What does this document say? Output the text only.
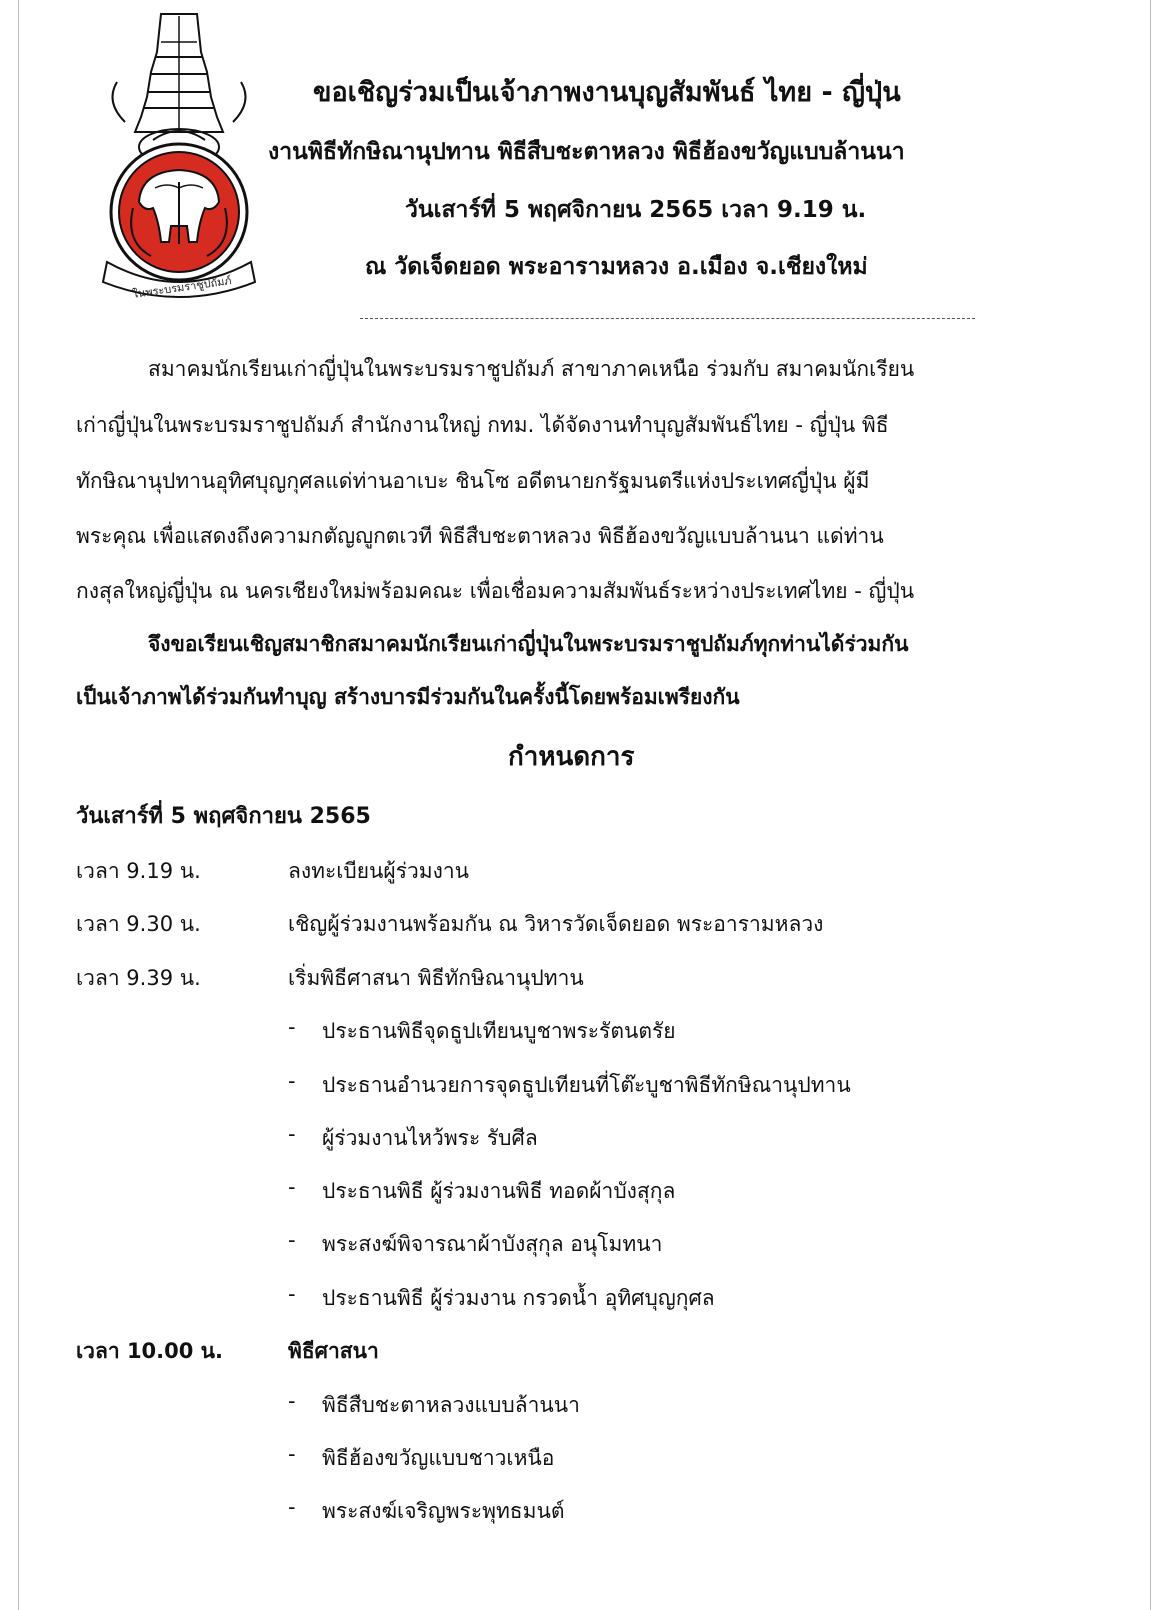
ในพระบรมราชูปถัมภ์
ขอเชิญร่วมเป็นเจ้าภาพงานบุญสัมพันธ์ ไทย - ญี่ปุ่น
งานพิธีทักษิณานุปทาน พิธีสืบชะตาหลวง พิธีฮ้องขวัญแบบล้านนา
วันเสาร์ที่ 5 พฤศจิกายน 2565 เวลา 9.19 น.
ณ วัดเจ็ดยอด พระอารามหลวง อ.เมือง จ.เชียงใหม่
สมาคมนักเรียนเก่าญี่ปุ่นในพระบรมราชูปถัมภ์ สาขาภาคเหนือ ร่วมกับ สมาคมนักเรียน
เก่าญี่ปุ่นในพระบรมราชูปถัมภ์ สำนักงานใหญ่ กทม. ได้จัดงานทำบุญสัมพันธ์ไทย - ญี่ปุ่น พิธี
ทักษิณานุปทานอุทิศบุญกุศลแด่ท่านอาเบะ ชินโซ อดีตนายกรัฐมนตรีแห่งประเทศญี่ปุ่น ผู้มี
พระคุณ เพื่อแสดงถึงความกตัญญูกตเวที พิธีสืบชะตาหลวง พิธีฮ้องขวัญแบบล้านนา แด่ท่าน
กงสุลใหญ่ญี่ปุ่น ณ นครเชียงใหม่พร้อมคณะ เพื่อเชื่อมความสัมพันธ์ระหว่างประเทศไทย - ญี่ปุ่น
จึงขอเรียนเชิญสมาชิกสมาคมนักเรียนเก่าญี่ปุ่นในพระบรมราชูปถัมภ์ทุกท่านได้ร่วมกัน
เป็นเจ้าภาพได้ร่วมกันทำบุญ สร้างบารมีร่วมกันในครั้งนี้โดยพร้อมเพรียงกัน
กำหนดการ
วันเสาร์ที่ 5 พฤศจิกายน 2565
เวลา 9.19 น.	ลงทะเบียนผู้ร่วมงาน
เวลา 9.30 น.	เชิญผู้ร่วมงานพร้อมกัน ณ วิหารวัดเจ็ดยอด พระอารามหลวง
เวลา 9.39 น.	เริ่มพิธีศาสนา พิธีทักษิณานุปทาน
- ประธานพิธีจุดธูปเทียนบูชาพระรัตนตรัย
- ประธานอำนวยการจุดธูปเทียนที่โต๊ะบูชาพิธีทักษิณานุปทาน
- ผู้ร่วมงานไหว้พระ รับศีล
- ประธานพิธี ผู้ร่วมงานพิธี ทอดผ้าบังสุกุล
- พระสงฆ์พิจารณาผ้าบังสุกุล อนุโมทนา
- ประธานพิธี ผู้ร่วมงาน กรวดน้ำ อุทิศบุญกุศล
เวลา 10.00 น.	พิธีศาสนา
- พิธีสืบชะตาหลวงแบบล้านนา
- พิธีฮ้องขวัญแบบชาวเหนือ
- พระสงฆ์เจริญพระพุทธมนต์
